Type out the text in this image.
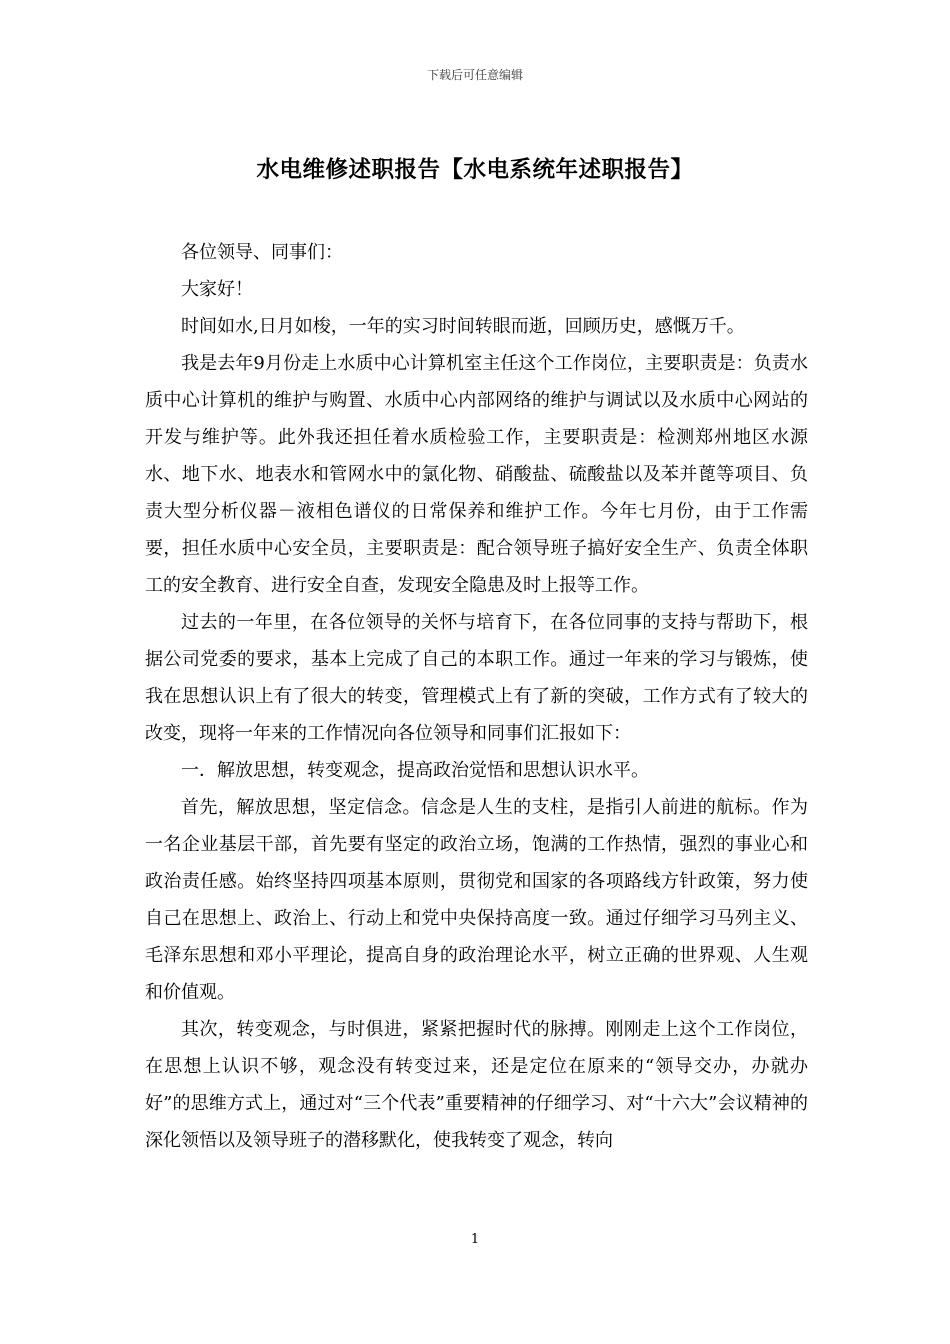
下载后可任意编辑
水电维修述职报告【水电系统年述职报告】

各位领导、同事们：

大家好！

时间如水,日月如梭，一年的实习时间转眼而逝，回顾历史，感慨万千。

我是去年9月份走上水质中心计算机室主任这个工作岗位，主要职责是：负责水质中心计算机的维护与购置、水质中心内部网络的维护与调试以及水质中心网站的开发与维护等。此外我还担任着水质检验工作，主要职责是：检测郑州地区水源水、地下水、地表水和管网水中的氯化物、硝酸盐、硫酸盐以及苯并蓖等项目、负责大型分析仪器－液相色谱仪的日常保养和维护工作。今年七月份，由于工作需要，担任水质中心安全员，主要职责是：配合领导班子搞好安全生产、负责全体职工的安全教育、进行安全自查，发现安全隐患及时上报等工作。

过去的一年里，在各位领导的关怀与培育下，在各位同事的支持与帮助下，根据公司党委的要求，基本上完成了自己的本职工作。通过一年来的学习与锻炼，使我在思想认识上有了很大的转变，管理模式上有了新的突破，工作方式有了较大的改变，现将一年来的工作情况向各位领导和同事们汇报如下：

一．解放思想，转变观念，提高政治觉悟和思想认识水平。

首先，解放思想，坚定信念。信念是人生的支柱，是指引人前进的航标。作为一名企业基层干部，首先要有坚定的政治立场，饱满的工作热情，强烈的事业心和政治责任感。始终坚持四项基本原则，贯彻党和国家的各项路线方针政策，努力使自己在思想上、政治上、行动上和党中央保持高度一致。通过仔细学习马列主义、毛泽东思想和邓小平理论，提高自身的政治理论水平，树立正确的世界观、人生观和价值观。

其次，转变观念，与时俱进，紧紧把握时代的脉搏。刚刚走上这个工作岗位，在思想上认识不够，观念没有转变过来，还是定位在原来的“领导交办，办就办好”的思维方式上，通过对“三个代表”重要精神的仔细学习、对“十六大”会议精神的深化领悟以及领导班子的潜移默化，使我转变了观念，转向

1
